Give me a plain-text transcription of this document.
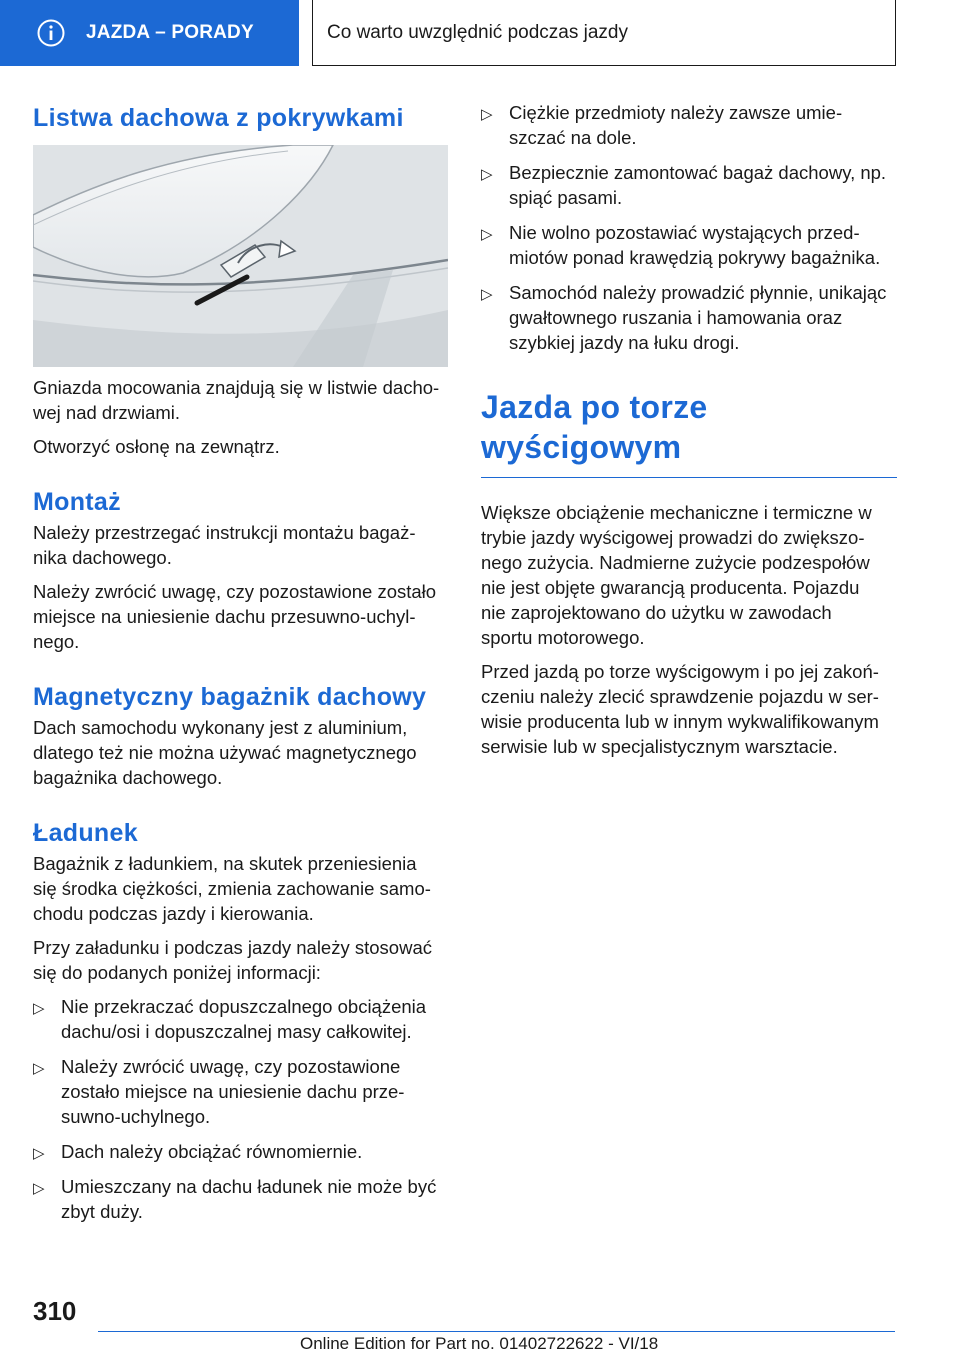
JAZDA – PORADY	Co warto uwzględnić podczas jazdy
Listwa dachowa z pokrywkami
Gniazda mocowania znajdują się w listwie dacho-
wej nad drzwiami.
Otworzyć osłonę na zewnątrz.
Montaż
Należy przestrzegać instrukcji montażu bagaż-
nika dachowego.
Należy zwrócić uwagę, czy pozostawione zostało
miejsce na uniesienie dachu przesuwno-uchyl-
nego.
Magnetyczny bagażnik dachowy
Dach samochodu wykonany jest z aluminium,
dlatego też nie można używać magnetycznego
bagażnika dachowego.
Ładunek
Bagażnik z ładunkiem, na skutek przeniesienia
się środka ciężkości, zmienia zachowanie samo-
chodu podczas jazdy i kierowania.
Przy załadunku i podczas jazdy należy stosować
się do podanych poniżej informacji:
▷ Nie przekraczać dopuszczalnego obciążenia
dachu/osi i dopuszczalnej masy całkowitej.
▷ Należy zwrócić uwagę, czy pozostawione
zostało miejsce na uniesienie dachu prze-
suwno-uchylnego.
▷ Dach należy obciążać równomiernie.
▷ Umieszczany na dachu ładunek nie może być
zbyt duży.
▷ Ciężkie przedmioty należy zawsze umie-
szczać na dole.
▷ Bezpiecznie zamontować bagaż dachowy, np.
spiąć pasami.
▷ Nie wolno pozostawiać wystających przed-
miotów ponad krawędzią pokrywy bagażnika.
▷ Samochód należy prowadzić płynnie, unikając
gwałtownego ruszania i hamowania oraz
szybkiej jazdy na łuku drogi.
Jazda po torze
wyścigowym
Większe obciążenie mechaniczne i termiczne w
trybie jazdy wyścigowej prowadzi do zwiększo-
nego zużycia. Nadmierne zużycie podzespołów
nie jest objęte gwarancją producenta. Pojazdu
nie zaprojektowano do użytku w zawodach
sportu motorowego.
Przed jazdą po torze wyścigowym i po jej zakoń-
czeniu należy zlecić sprawdzenie pojazdu w ser-
wisie producenta lub w innym wykwalifikowanym
serwisie lub w specjalistycznym warsztacie.
310
Online Edition for Part no. 01402722622 - VI/18
